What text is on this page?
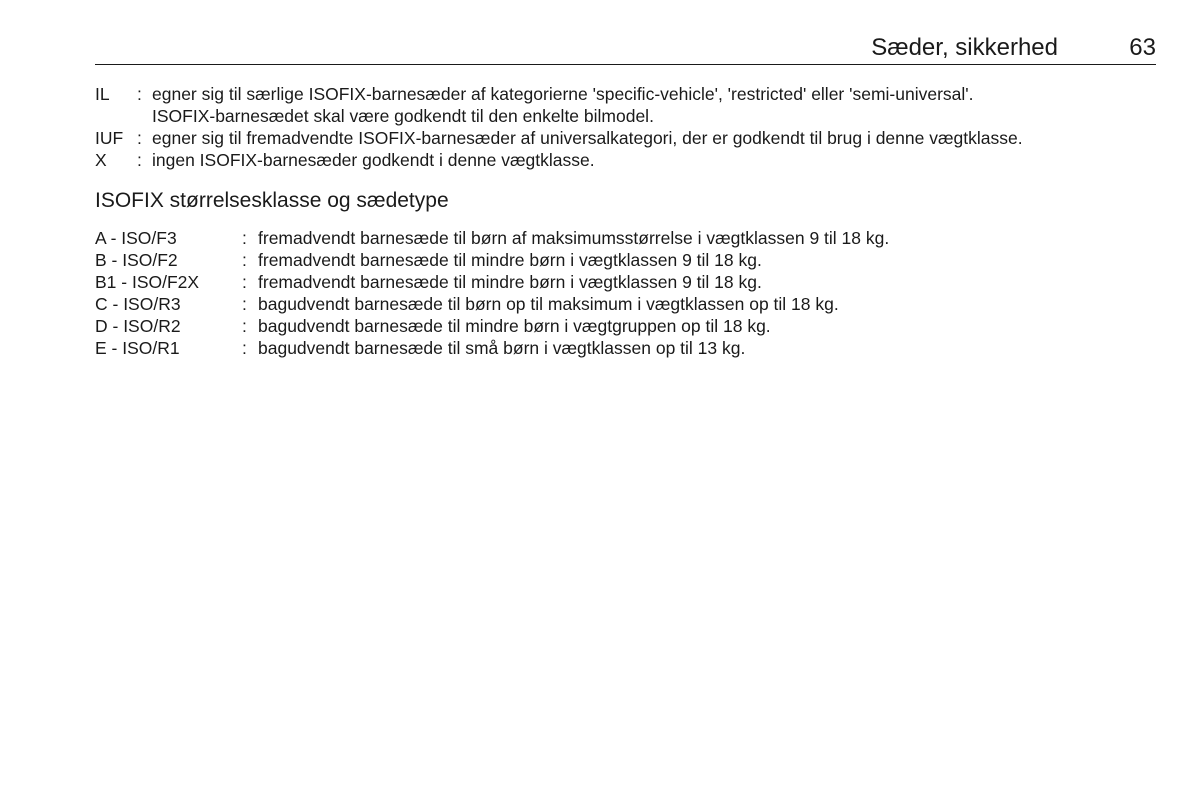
Sæder, sikkerhed	63
IL	: egner sig til særlige ISOFIX-barnesæder af kategorierne 'specific-vehicle', 'restricted' eller 'semi-universal'.
ISOFIX-barnesædet skal være godkendt til den enkelte bilmodel.
IUF : egner sig til fremadvendte ISOFIX-barnesæder af universalkategori, der er godkendt til brug i denne vægtklasse.
X	: ingen ISOFIX-barnesæder godkendt i denne vægtklasse.
ISOFIX størrelsesklasse og sædetype
A - ISO/F3	: fremadvendt barnesæde til børn af maksimumsstørrelse i vægtklassen 9 til 18 kg.
B - ISO/F2	: fremadvendt barnesæde til mindre børn i vægtklassen 9 til 18 kg.
B1 - ISO/F2X	: fremadvendt barnesæde til mindre børn i vægtklassen 9 til 18 kg.
C - ISO/R3	: bagudvendt barnesæde til børn op til maksimum i vægtklassen op til 18 kg.
D - ISO/R2	: bagudvendt barnesæde til mindre børn i vægtgruppen op til 18 kg.
E - ISO/R1	: bagudvendt barnesæde til små børn i vægtklassen op til 13 kg.
